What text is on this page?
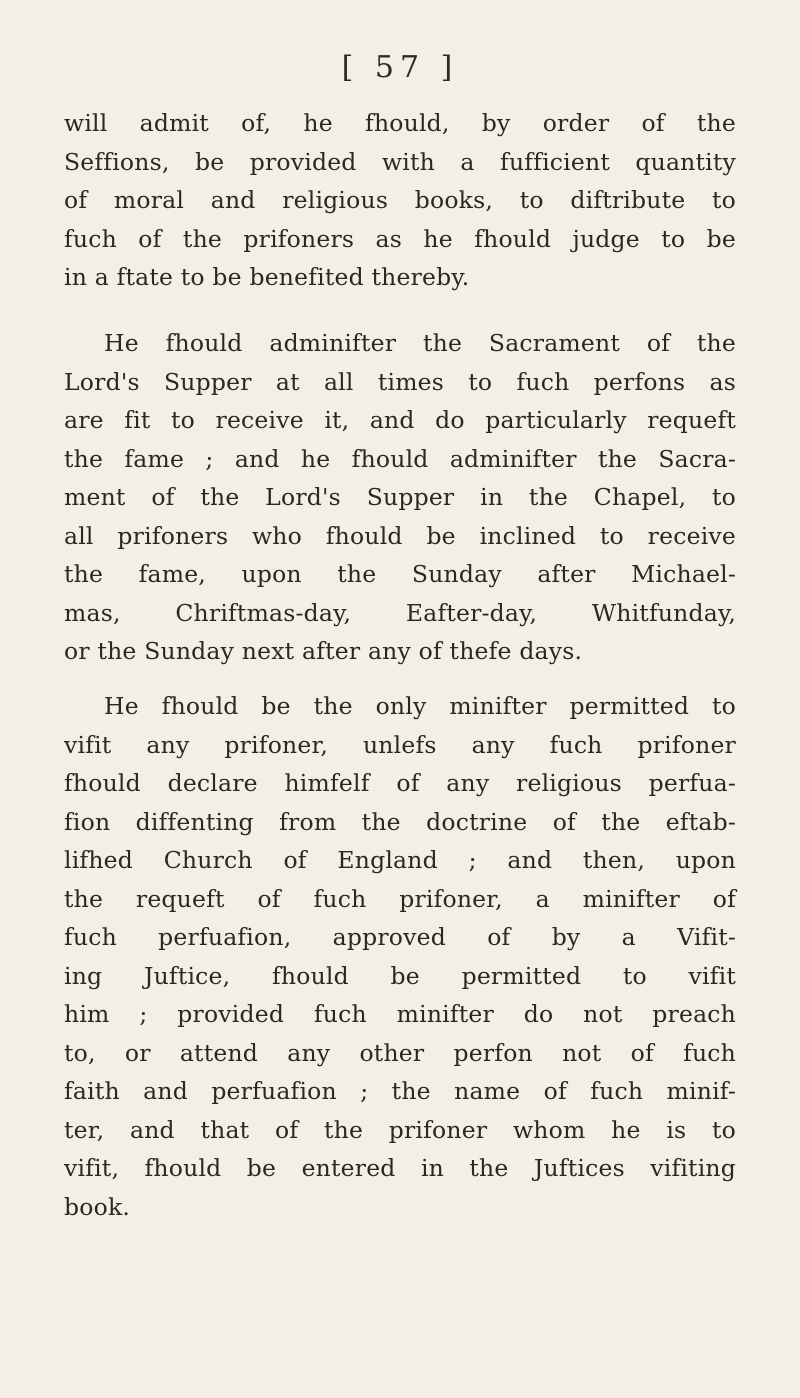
[ 57 ]
will admit of, he fhould, by order of the
Seffions, be provided with a fufficient quantity
of moral and religious books, to diftribute to
fuch of the prifoners as he fhould judge to be
in a ftate to be benefited thereby.
He fhould adminifter the Sacrament of the
Lord's Supper at all times to fuch perfons as
are fit to receive it, and do particularly requeft
the fame ; and he fhould adminifter the Sacra-
ment of the Lord's Supper in the Chapel, to
all prifoners who fhould be inclined to receive
the fame, upon the Sunday after Michael-
mas, Chriftmas-day, Eafter-day, Whitfunday,
or the Sunday next after any of thefe days.
He fhould be the only minifter permitted to
vifit any prifoner, unlefs any fuch prifoner
fhould declare himfelf of any religious perfua-
fion diffenting from the doctrine of the eftab-
lifhed Church of England ; and then, upon
the requeft of fuch prifoner, a minifter of
fuch perfuafion, approved of by a Vifit-
ing Juftice, fhould be permitted to vifit
him ; provided fuch minifter do not preach
to, or attend any other perfon not of fuch
faith and perfuafion ; the name of fuch minif-
ter, and that of the prifoner whom he is to
vifit, fhould be entered in the Juftices vifiting
book.
